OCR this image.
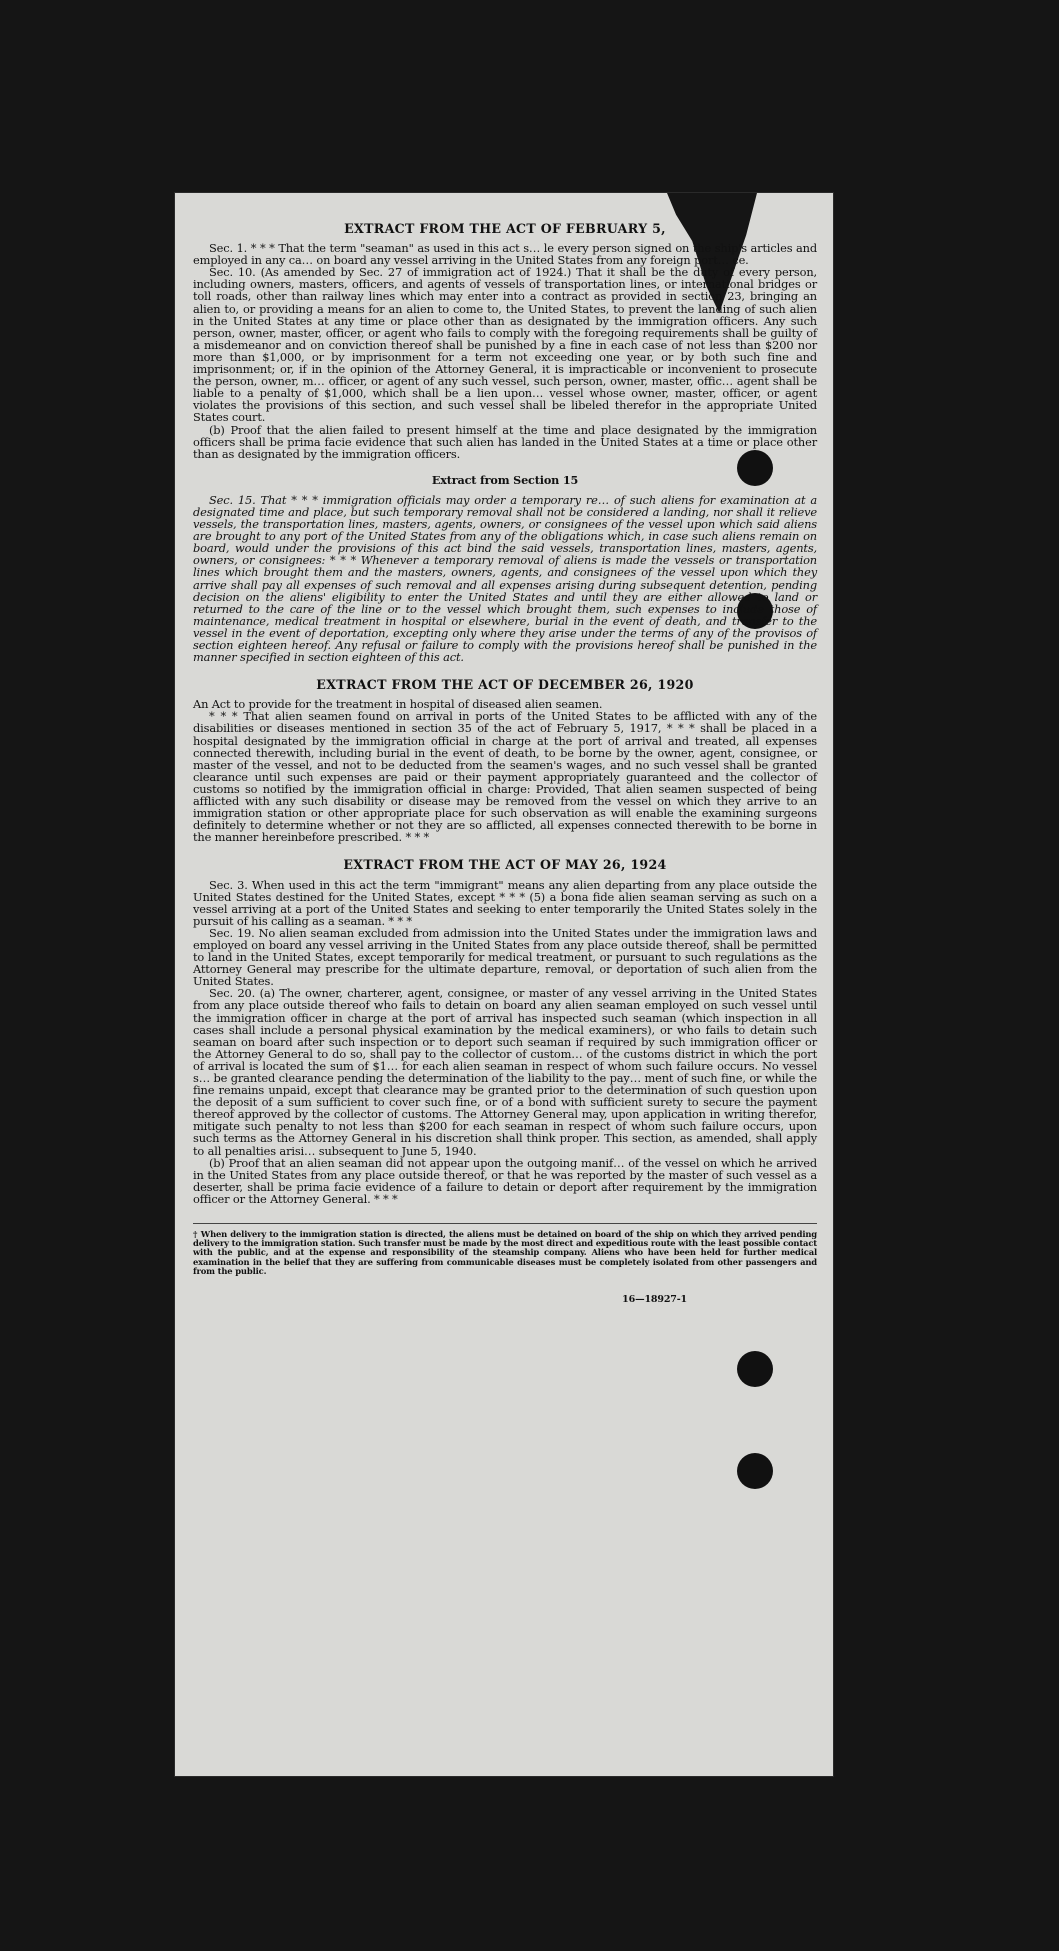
EXTRACT FROM THE ACT OF FEBRUARY 5,

Sec. 1. * * * That the term "seaman" as used in this act s… le every person signed on the ship's articles and employed in any ca… on board any vessel arriving in the United States from any foreign port… ce.

Sec. 10. (As amended by Sec. 27 of immigration act of 1924.) That it shall be the duty of every person, including owners, masters, officers, and agents of vessels of transportation lines, or international bridges or toll roads, other than railway lines which may enter into a contract as provided in section 23, bringing an alien to, or providing a means for an alien to come to, the United States, to prevent the landing of such alien in the United States at any time or place other than as designated by the immigration officers. Any such person, owner, master, officer, or agent who fails to comply with the foregoing requirements shall be guilty of a misdemeanor and on conviction thereof shall be punished by a fine in each case of not less than $200 nor more than $1,000, or by imprisonment for a term not exceeding one year, or by both such fine and imprisonment; or, if in the opinion of the Attorney General, it is impracticable or inconvenient to prosecute the person, owner, m… officer, or agent of any such vessel, such person, owner, master, offic… agent shall be liable to a penalty of $1,000, which shall be a lien upon… vessel whose owner, master, officer, or agent violates the provisions of this section, and such vessel shall be libeled therefor in the appropriate United States court.

(b) Proof that the alien failed to present himself at the time and place designated by the immigration officers shall be prima facie evidence that such alien has landed in the United States at a time or place other than as designated by the immigration officers.

Extract from Section 15

Sec. 15. That * * * immigration officials may order a temporary re… of such aliens for examination at a designated time and place, but such temporary removal shall not be considered a landing, nor shall it relieve vessels, the transportation lines, masters, agents, owners, or consignees of the vessel upon which said aliens are brought to any port of the United States from any of the obligations which, in case such aliens remain on board, would under the provisions of this act bind the said vessels, transportation lines, masters, agents, owners, or consignees: * * * Whenever a temporary removal of aliens is made the vessels or transportation lines which brought them and the masters, owners, agents, and consignees of the vessel upon which they arrive shall pay all expenses of such removal and all expenses arising during subsequent detention, pending decision on the aliens' eligibility to enter the United States and until they are either allowed to land or returned to the care of the line or to the vessel which brought them, such expenses to include those of maintenance, medical treatment in hospital or elsewhere, burial in the event of death, and transfer to the vessel in the event of deportation, excepting only where they arise under the terms of any of the provisos of section eighteen hereof. Any refusal or failure to comply with the provisions hereof shall be punished in the manner specified in section eighteen of this act.

EXTRACT FROM THE ACT OF DECEMBER 26, 1920

An Act to provide for the treatment in hospital of diseased alien seamen.

* * * That alien seamen found on arrival in ports of the United States to be afflicted with any of the disabilities or diseases mentioned in section 35 of the act of February 5, 1917, * * * shall be placed in a hospital designated by the immigration official in charge at the port of arrival and treated, all expenses connected therewith, including burial in the event of death, to be borne by the owner, agent, consignee, or master of the vessel, and not to be deducted from the seamen's wages, and no such vessel shall be granted clearance until such expenses are paid or their payment appropriately guaranteed and the collector of customs so notified by the immigration official in charge: Provided, That alien seamen suspected of being afflicted with any such disability or disease may be removed from the vessel on which they arrive to an immigration station or other appropriate place for such observation as will enable the examining surgeons definitely to determine whether or not they are so afflicted, all expenses connected therewith to be borne in the manner hereinbefore prescribed. * * *

EXTRACT FROM THE ACT OF MAY 26, 1924

Sec. 3. When used in this act the term "immigrant" means any alien departing from any place outside the United States destined for the United States, except * * * (5) a bona fide alien seaman serving as such on a vessel arriving at a port of the United States and seeking to enter temporarily the United States solely in the pursuit of his calling as a seaman. * * *

Sec. 19. No alien seaman excluded from admission into the United States under the immigration laws and employed on board any vessel arriving in the United States from any place outside thereof, shall be permitted to land in the United States, except temporarily for medical treatment, or pursuant to such regulations as the Attorney General may prescribe for the ultimate departure, removal, or deportation of such alien from the United States.

Sec. 20. (a) The owner, charterer, agent, consignee, or master of any vessel arriving in the United States from any place outside thereof who fails to detain on board any alien seaman employed on such vessel until the immigration officer in charge at the port of arrival has inspected such seaman (which inspection in all cases shall include a personal physical examination by the medical examiners), or who fails to detain such seaman on board after such inspection or to deport such seaman if required by such immigration officer or the Attorney General to do so, shall pay to the collector of custom… of the customs district in which the port of arrival is located the sum of $1… for each alien seaman in respect of whom such failure occurs. No vessel s… be granted clearance pending the determination of the liability to the pay… ment of such fine, or while the fine remains unpaid, except that clearance may be granted prior to the determination of such question upon the deposit of a sum sufficient to cover such fine, or of a bond with sufficient surety to secure the payment thereof approved by the collector of customs. The Attorney General may, upon application in writing therefor, mitigate such penalty to not less than $200 for each seaman in respect of whom such failure occurs, upon such terms as the Attorney General in his discretion shall think proper. This section, as amended, shall apply to all penalties arisi… subsequent to June 5, 1940.

(b) Proof that an alien seaman did not appear upon the outgoing manif… of the vessel on which he arrived in the United States from any place outside thereof, or that he was reported by the master of such vessel as a deserter, shall be prima facie evidence of a failure to detain or deport after requirement by the immigration officer or the Attorney General. * * *

† When delivery to the immigration station is directed, the aliens must be detained on board of the ship on which they arrived pending delivery to the immigration station. Such transfer must be made by the most direct and expeditious route with the least possible contact with the public, and at the expense and responsibility of the steamship company. Aliens who have been held for further medical examination in the belief that they are suffering from communicable diseases must be completely isolated from other passengers and from the public.
16—18927-1
